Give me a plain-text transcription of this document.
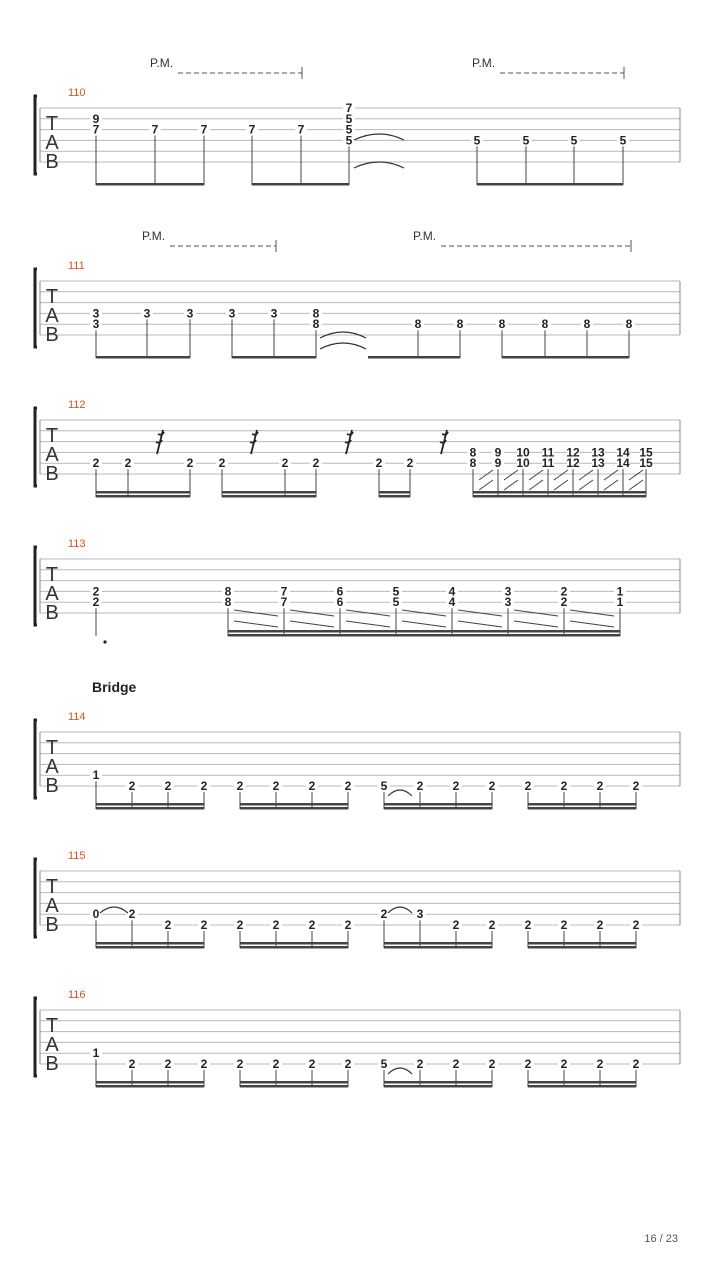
T
A
B
110
9
7	7	7	7	7
7
5
5
5	5	5	5	5
T
A
B
111
3
3
3	3	3	3	8
8	8	8	8	8	8	8
T
A
B
112
2 2	2 2	2 2	2 2
8 9 10 11 12 13 14 15
8 9 10 11 12 13 14 15
T
A
B
113
2
2
8	7	6	5	4	3	2	1
8	7	6	5	4	3	2	1
T
A
B
114
1
2 2 2 2 2 2 2 5 2 2 2 2 2 2 2
T
A
B
115
0 2
2 2 2 2 2 2
2 3
2 2 2 2 2 2
T
A
B
116
1
2 2 2 2 2 2 2 5 2 2 2 2 2 2 2
P.M.	P.M.
P.M.	P.M.
Bridge
16 / 23
